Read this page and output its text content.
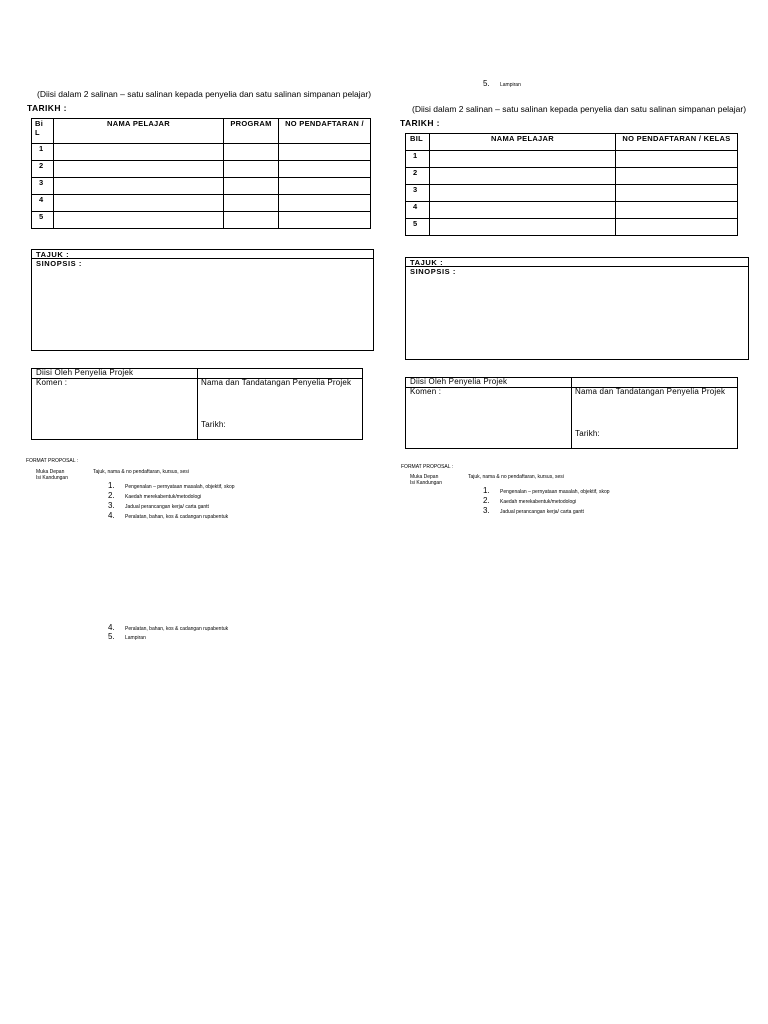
5. Lampiran
(Diisi dalam 2 salinan – satu salinan kepada penyelia dan satu salinan simpanan pelajar)
TARIKH :
Bi L	NAMA PELAJAR	PROGRAM	NO PENDAFTARAN /
1			
2			
3			
4			
5			
TAJUK :
SINOPSIS :
Diisi Oleh Penyelia Projek
Komen :	Nama dan Tandatangan Penyelia Projek
Tarikh:
FORMAT PROPOSAL :
Muka Depan
Isi Kandungan
Tajuk, nama & no pendaftaran, kursus, sesi
1. Pengenalan – pernyataan masalah, objektif, skop
2. Kaedah merekabentuk/metodologi
3. Jadual perancangan kerja/ carta gantt
4. Peralatan, bahan, kos & cadangan rupabentuk
4. Peralatan, bahan, kos & cadangan rupabentuk
5. Lampiran
(Diisi dalam 2 salinan – satu salinan kepada penyelia dan satu salinan simpanan pelajar)
TARIKH :
BIL	NAMA PELAJAR	NO PENDAFTARAN / KELAS
1		
2		
3		
4		
5		
TAJUK :
SINOPSIS :
Diisi Oleh Penyelia Projek
Komen :	Nama dan Tandatangan Penyelia Projek
Tarikh:
FORMAT PROPOSAL :
Muka Depan
Isi Kandungan
Tajuk, nama & no pendaftaran, kursus, sesi
1. Pengenalan – pernyataan masalah, objektif, skop
2. Kaedah merekabentuk/metodologi
3. Jadual perancangan kerja/ carta gantt
